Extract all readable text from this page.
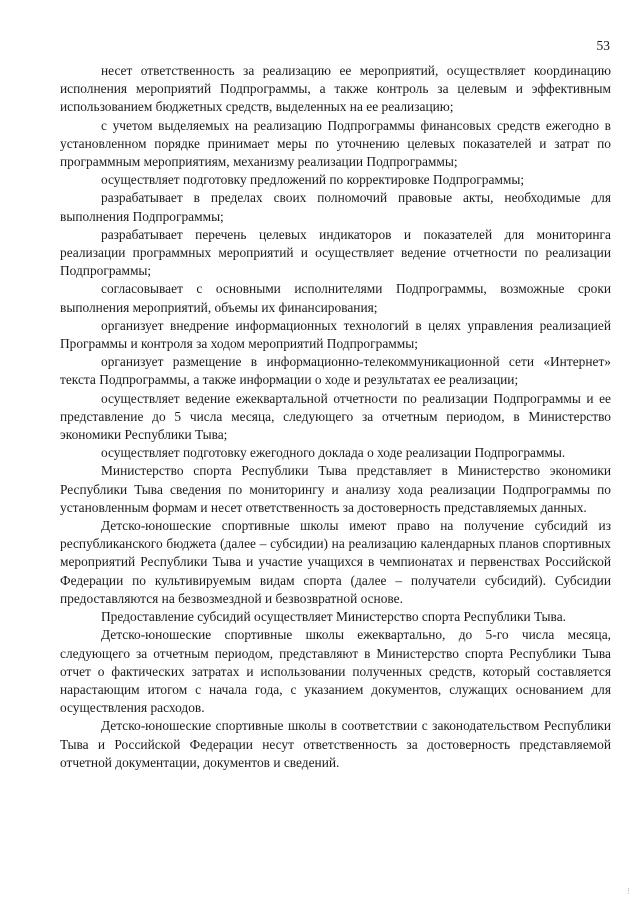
53

несет ответственность за реализацию ее мероприятий, осуществляет координацию исполнения мероприятий Подпрограммы, а также контроль за целевым и эффективным использованием бюджетных средств, выделенных на ее реализацию;

с учетом выделяемых на реализацию Подпрограммы финансовых средств ежегодно в установленном порядке принимает меры по уточнению целевых показателей и затрат по программным мероприятиям, механизму реализации Подпрограммы;

осуществляет подготовку предложений по корректировке Подпрограммы;

разрабатывает в пределах своих полномочий правовые акты, необходимые для выполнения Подпрограммы;

разрабатывает перечень целевых индикаторов и показателей для мониторинга реализации программных мероприятий и осуществляет ведение отчетности по реализации Подпрограммы;

согласовывает с основными исполнителями Подпрограммы, возможные сроки выполнения мероприятий, объемы их финансирования;

организует внедрение информационных технологий в целях управления реализацией Программы и контроля за ходом мероприятий Подпрограммы;

организует размещение в информационно-телекоммуникационной сети «Интернет» текста Подпрограммы, а также информации о ходе и результатах ее реализации;

осуществляет ведение ежеквартальной отчетности по реализации Подпрограммы и ее представление до 5 числа месяца, следующего за отчетным периодом, в Министерство экономики Республики Тыва;

осуществляет подготовку ежегодного доклада о ходе реализации Подпрограммы.

Министерство спорта Республики Тыва представляет в Министерство экономики Республики Тыва сведения по мониторингу и анализу хода реализации Подпрограммы по установленным формам и несет ответственность за достоверность представляемых данных.

Детско-юношеские спортивные школы имеют право на получение субсидий из республиканского бюджета (далее – субсидии) на реализацию календарных планов спортивных мероприятий Республики Тыва и участие учащихся в чемпионатах и первенствах Российской Федерации по культивируемым видам спорта (далее – получатели субсидий). Субсидии предоставляются на безвозмездной и безвозвратной основе.

Предоставление субсидий осуществляет Министерство спорта Республики Тыва.

Детско-юношеские спортивные школы ежеквартально, до 5-го числа месяца, следующего за отчетным периодом, представляют в Министерство спорта Республики Тыва отчет о фактических затратах и использовании полученных средств, который составляется нарастающим итогом с начала года, с указанием документов, служащих основанием для осуществления расходов.

Детско-юношеские спортивные школы в соответствии с законодательством Республики Тыва и Российской Федерации несут ответственность за достоверность представляемой отчетной документации, документов и сведений.

⁝
